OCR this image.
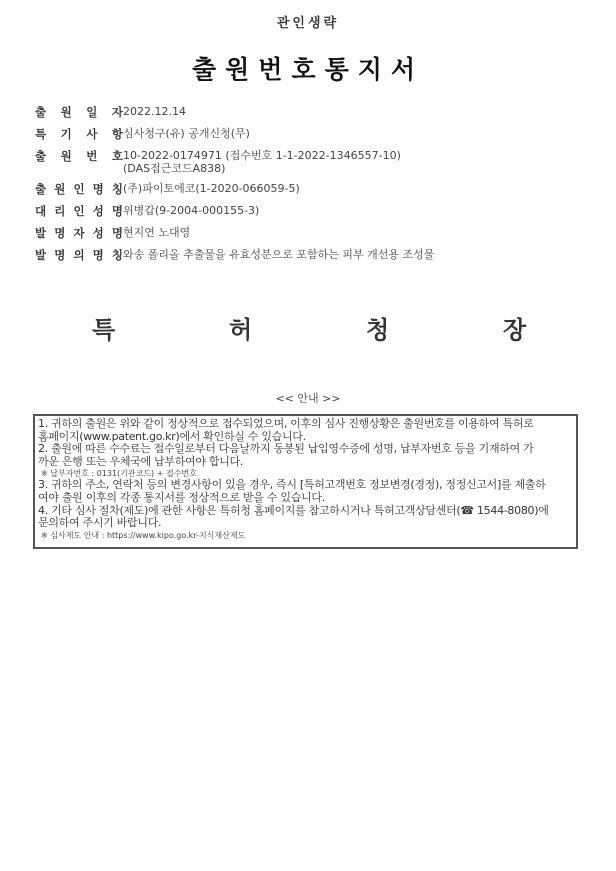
관인생략
출원번호통지서
출 원 일 자 2022.12.14
특 기 사 항 심사청구(유) 공개신청(무)
출 원 번 호 10-2022-0174971 (접수번호 1-1-2022-1346557-10)
(DAS접근코드A838)
출 원 인 명 칭 (주)파이토에코(1-2020-066059-5)
대 리 인 성 명 위병갑(9-2004-000155-3)
발 명 자 성 명 현지연 노대영
발 명 의 명 칭 와송 폴리올 추출물을 유효성분으로 포함하는 피부 개선용 조성물
특	허	청	장
<< 안내 >>

1. 귀하의 출원은 위와 같이 정상적으로 접수되었으며, 이후의 심사 진행상황은 출원번호를 이용하여 특허로

홈페이지(www.patent.go.kr)에서 확인하실 수 있습니다.

2. 출원에 따른 수수료는 접수일로부터 다음날까지 동봉된 납입영수증에 성명, 납부자번호 등을 기재하여 가

까운 은행 또는 우체국에 납부하여야 합니다.

※ 납부자번호 : 0131(기관코드) + 접수번호

3. 귀하의 주소, 연락처 등의 변경사항이 있을 경우, 즉시 [특허고객번호 정보변경(경정), 정정신고서]를 제출하

여야 출원 이후의 각종 통지서를 정상적으로 받을 수 있습니다.

4. 기타 심사 절차(제도)에 관한 사항은 특허청 홈페이지를 참고하시거나 특허고객상담센터(☎ 1544-8080)에

문의하여 주시기 바랍니다.

※ 심사제도 안내 : https://www.kipo.go.kr-지식재산제도
